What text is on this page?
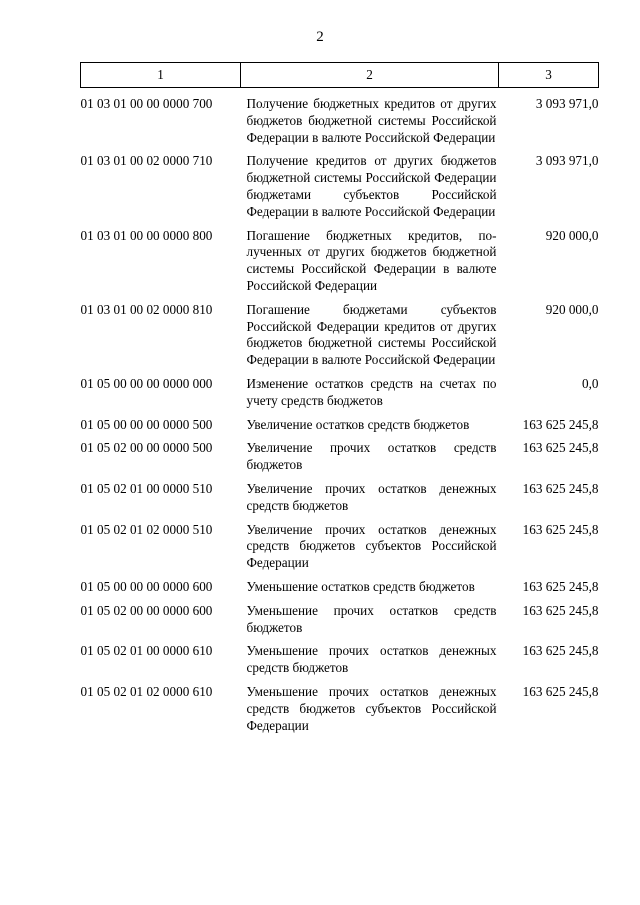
2
1	2	3
01 03 01 00 00 0000 700	Получение бюджетных кредитов от других бюджетов бюджетной системы Российской Федерации в валюте Российской Федерации	3 093 971,0
01 03 01 00 02 0000 710	Получение кредитов от других бюджетов бюджетной системы Российской Федерации бюджетами субъектов Российской Федерации в валюте Российской Федерации	3 093 971,0
01 03 01 00 00 0000 800	Погашение бюджетных кредитов, полученных от других бюджетов бюджетной системы Российской Федерации в валюте Российской Федерации	920 000,0
01 03 01 00 02 0000 810	Погашение бюджетами субъектов Российской Федерации кредитов от других бюджетов бюджетной системы Российской Федерации в валюте Российской Федерации	920 000,0
01 05 00 00 00 0000 000	Изменение остатков средств на счетах по учету средств бюджетов	0,0
01 05 00 00 00 0000 500	Увеличение остатков средств бюджетов	163 625 245,8
01 05 02 00 00 0000 500	Увеличение прочих остатков средств бюджетов	163 625 245,8
01 05 02 01 00 0000 510	Увеличение прочих остатков денежных средств бюджетов	163 625 245,8
01 05 02 01 02 0000 510	Увеличение прочих остатков денежных средств бюджетов субъектов Российской Федерации	163 625 245,8
01 05 00 00 00 0000 600	Уменьшение остатков средств бюджетов	163 625 245,8
01 05 02 00 00 0000 600	Уменьшение прочих остатков средств бюджетов	163 625 245,8
01 05 02 01 00 0000 610	Уменьшение прочих остатков денежных средств бюджетов	163 625 245,8
01 05 02 01 02 0000 610	Уменьшение прочих остатков денежных средств бюджетов субъектов Российской Федерации	163 625 245,8
